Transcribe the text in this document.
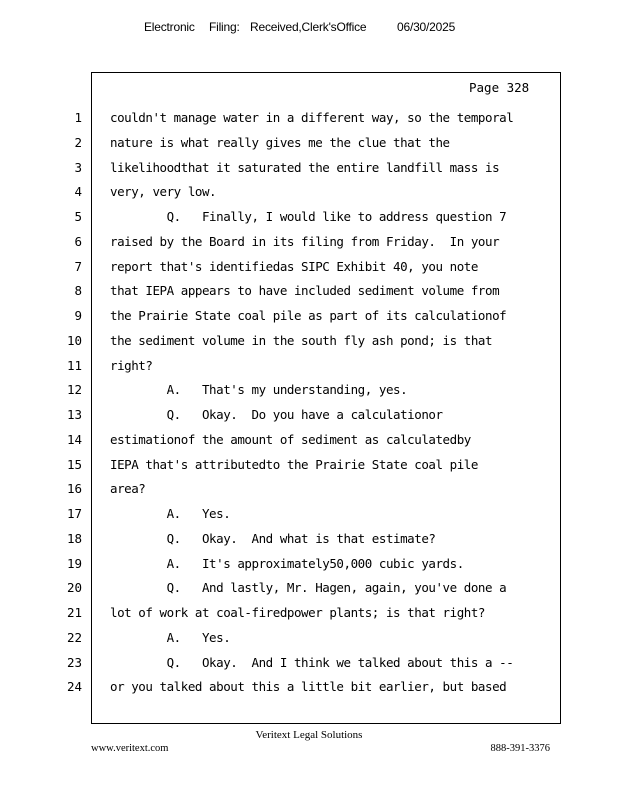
Electronic Filing: Received,Clerk'sOffice	06/30/2025
Page 328
1 couldn't manage water in a different way, so the temporal
2 nature is what really gives me the clue that the
3 likelihoodthat it saturated the entire landfill mass is
4 very, very low.
5 Q.   Finally, I would like to address question 7
6 raised by the Board in its filing from Friday.  In your
7 report that's identifiedas SIPC Exhibit 40, you note
8 that IEPA appears to have included sediment volume from
9 the Prairie State coal pile as part of its calculationof
10 the sediment volume in the south fly ash pond; is that
11 right?
12 A.   That's my understanding, yes.
13 Q.   Okay.  Do you have a calculationor
14 estimationof the amount of sediment as calculatedby
15 IEPA that's attributedto the Prairie State coal pile
16 area?
17 A.   Yes.
18 Q.   Okay.  And what is that estimate?
19 A.   It's approximately50,000 cubic yards.
20 Q.   And lastly, Mr. Hagen, again, you've done a
21 lot of work at coal-firedpower plants; is that right?
22 A.   Yes.
23 Q.   Okay.  And I think we talked about this a --
24 or you talked about this a little bit earlier, but based
Veritext Legal Solutions
www.veritext.com	888-391-3376
